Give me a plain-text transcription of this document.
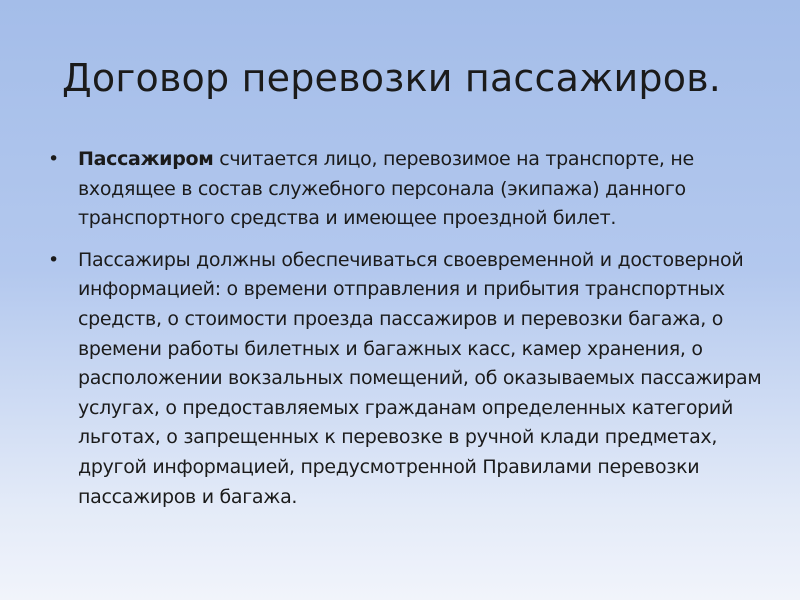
Договор перевозки пассажиров.
• Пассажиром считается лицо, перевозимое на транспорте, не входящее в состав служебного персонала (экипажа) данного транспортного средства и имеющее проездной билет.
• Пассажиры должны обеспечиваться своевременной и достоверной информацией: о времени отправления и прибытия транспортных средств, о стоимости проезда пассажиров и перевозки багажа, о времени работы билетных и багажных касс, камер хранения, о расположении вокзальных помещений, об оказываемых пассажирам услугах, о предоставляемых гражданам определенных категорий льготах, о запрещенных к перевозке в ручной клади предметах, другой информацией, предусмотренной Правилами перевозки пассажиров и багажа.
